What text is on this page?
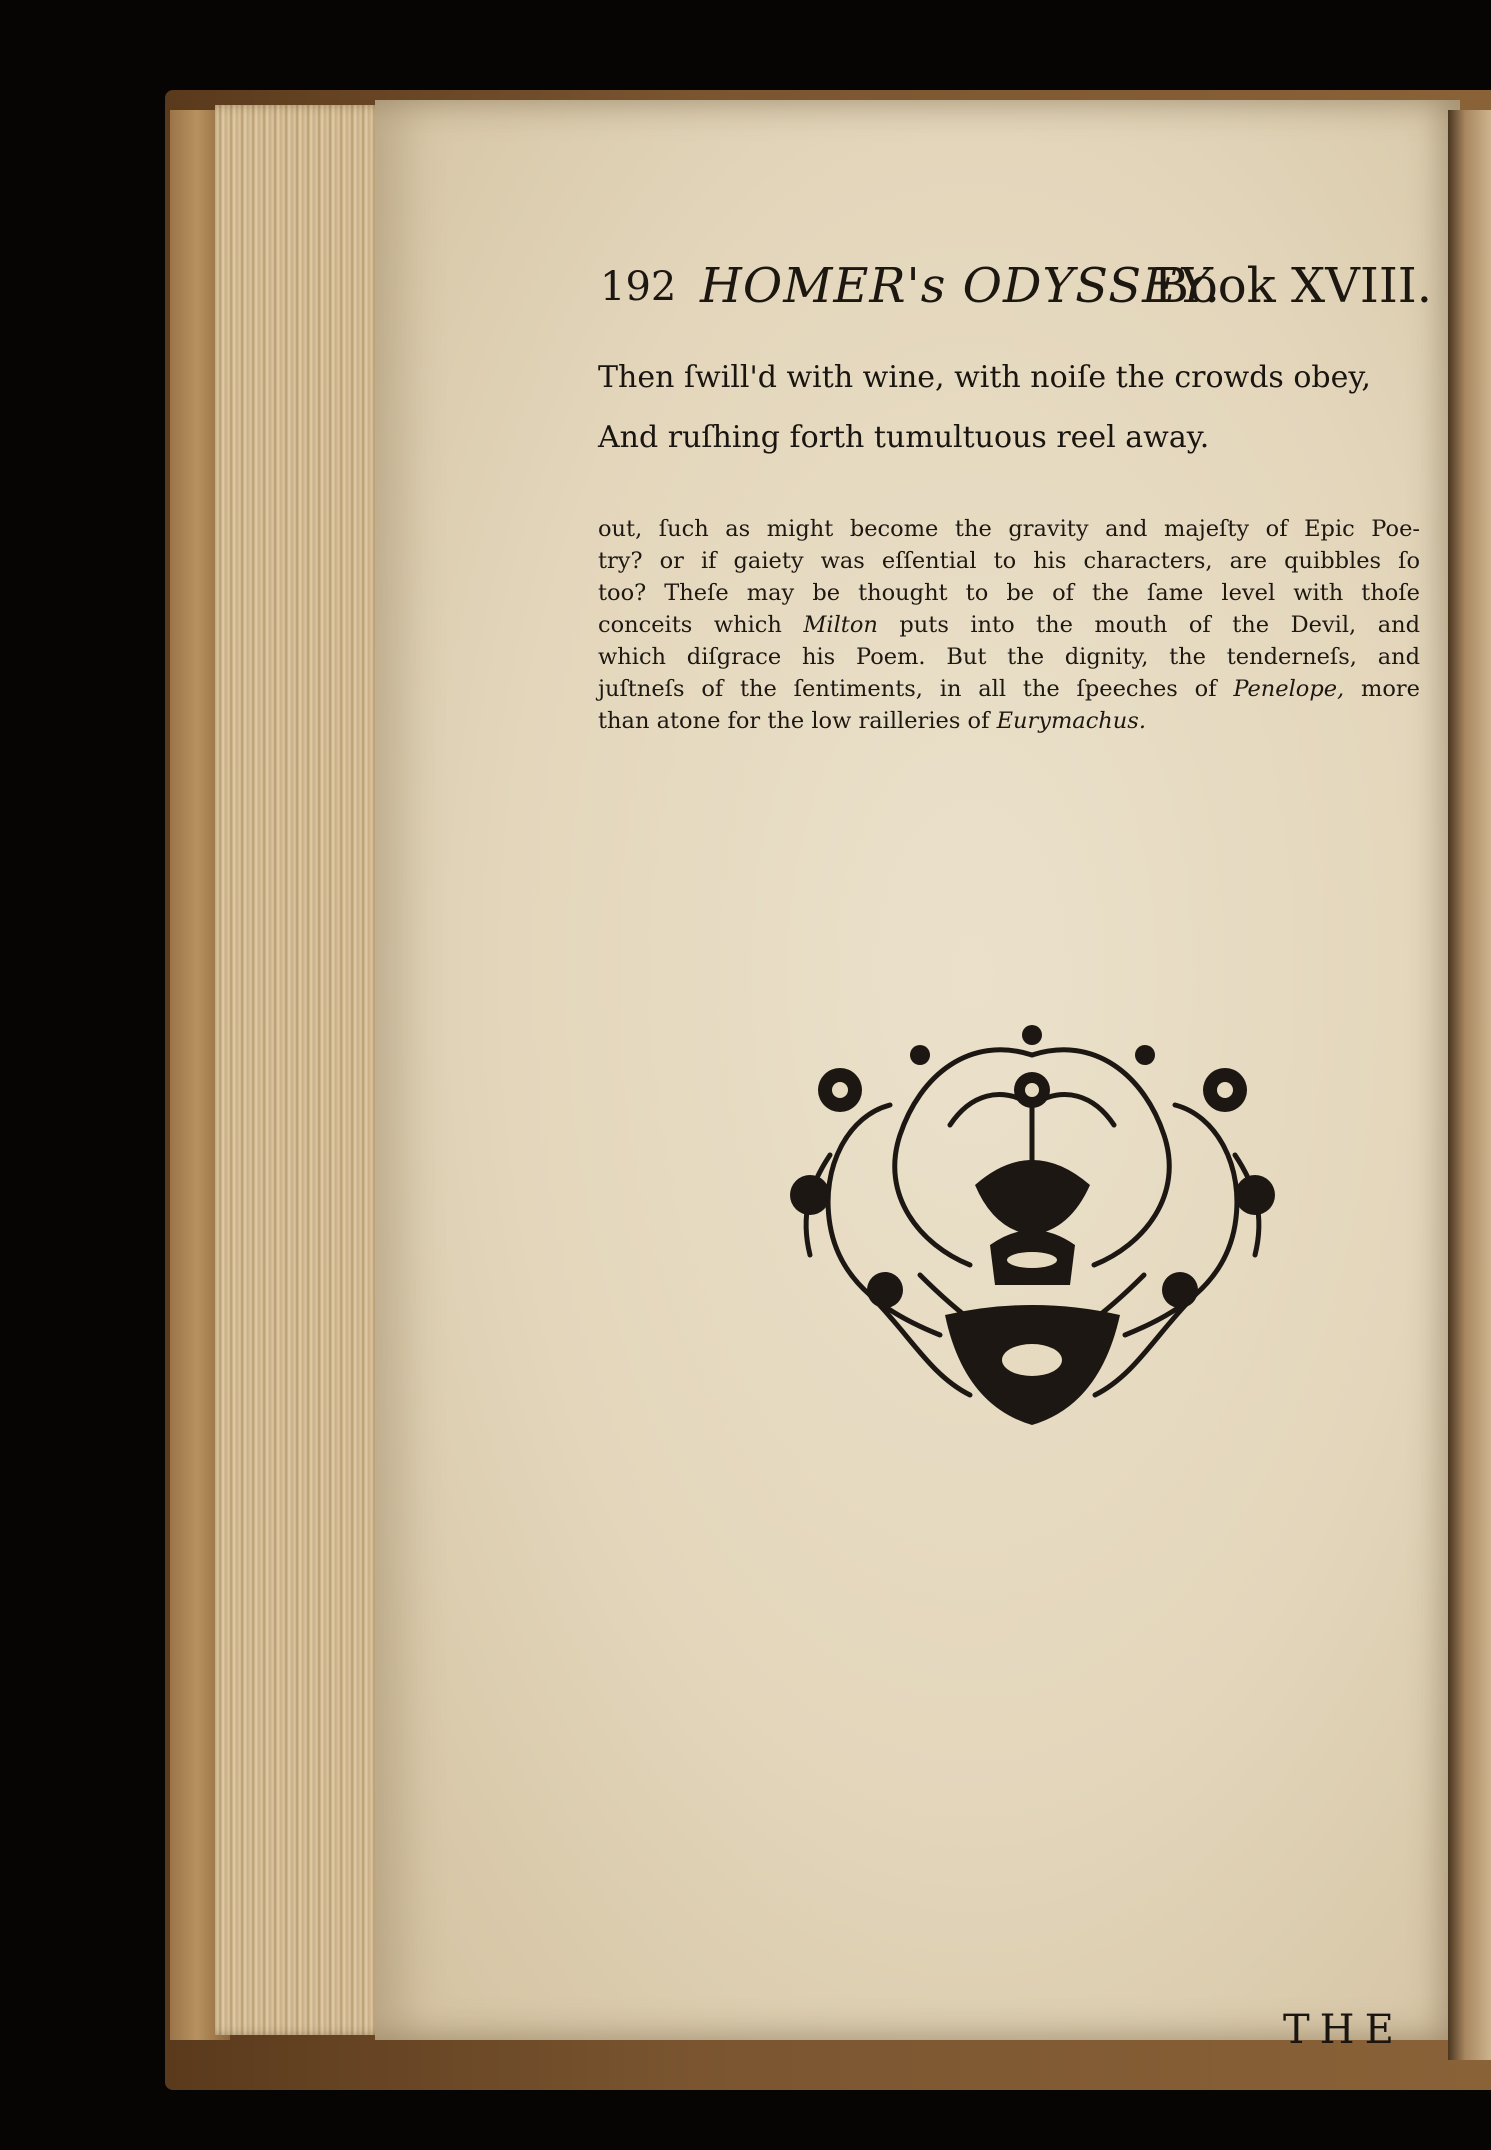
192 HOMER's ODYSSEY.
Book XVIII.
Then ſwill'd with wine, with noiſe the crowds obey,
And ruſhing forth tumultuous reel away.
out, ſuch as might become the gravity and majeſty of Epic Poe-
try? or if gaiety was eſſential to his characters, are quibbles ſo
too? Theſe may be thought to be of the ſame level with thoſe
conceits which Milton puts into the mouth of the Devil, and
which diſgrace his Poem. But the dignity, the tenderneſs, and
juſtneſs of the ſentiments, in all the ſpeeches of Penelope, more
than atone for the low railleries of Eurymachus.
THE
